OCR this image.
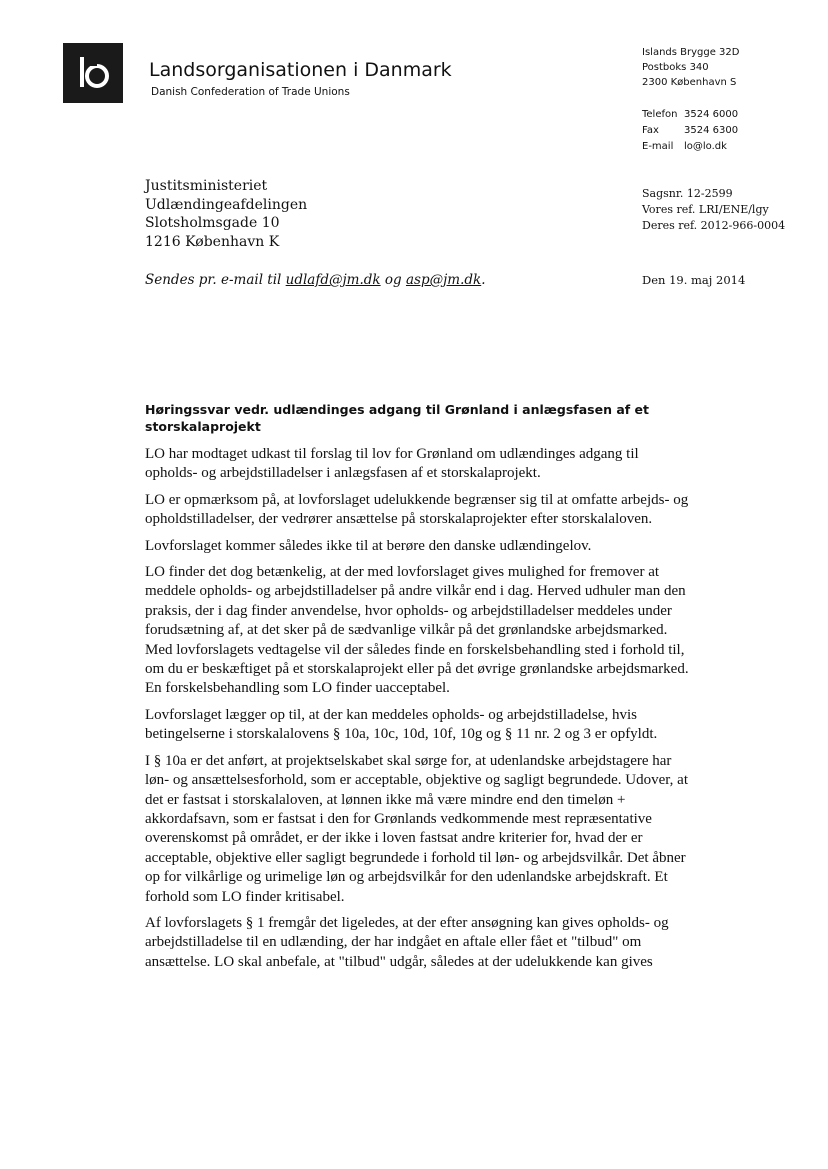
Landsorganisationen i Danmark
Danish Confederation of Trade Unions
Islands Brygge 32D
Postboks 340
2300 København S
Telefon 3524 6000
Fax	3524 6300
E-mail	lo@lo.dk
Justitsministeriet
Udlændingeafdelingen
Slotsholmsgade 10
1216 København K
Sagsnr. 12-2599
Vores ref. LRI/ENE/lgy
Deres ref. 2012-966-0004
Sendes pr. e-mail til udlafd@jm.dk og asp@jm.dk.	Den 19. maj 2014
Høringssvar vedr. udlændinges adgang til Grønland i anlægsfasen af et storskalaprojekt

LO har modtaget udkast til forslag til lov for Grønland om udlændinges adgang til opholds- og arbejdstilladelser i anlægsfasen af et storskalaprojekt.

LO er opmærksom på, at lovforslaget udelukkende begrænser sig til at omfatte arbejds- og opholdstilladelser, der vedrører ansættelse på storskalaprojekter efter storskalaloven.

Lovforslaget kommer således ikke til at berøre den danske udlændingelov.

LO finder det dog betænkelig, at der med lovforslaget gives mulighed for fremover at meddele opholds- og arbejdstilladelser på andre vilkår end i dag. Herved udhuler man den praksis, der i dag finder anvendelse, hvor opholds- og arbejdstilladelser meddeles under forudsætning af, at det sker på de sædvanlige vilkår på det grønlandske arbejdsmarked. Med lovforslagets vedtagelse vil der således finde en forskelsbehandling sted i forhold til, om du er beskæftiget på et storskalaprojekt eller på det øvrige grønlandske arbejdsmarked. En forskelsbehandling som LO finder uacceptabel.

Lovforslaget lægger op til, at der kan meddeles opholds- og arbejdstilladelse, hvis betingelserne i storskalalovens § 10a, 10c, 10d, 10f, 10g og § 11 nr. 2 og 3 er opfyldt.

I § 10a er det anført, at projektselskabet skal sørge for, at udenlandske arbejdstagere har løn- og ansættelsesforhold, som er acceptable, objektive og sagligt begrundede. Udover, at det er fastsat i storskalaloven, at lønnen ikke må være mindre end den timeløn + akkordafsavn, som er fastsat i den for Grønlands vedkommende mest repræsentative overenskomst på området, er der ikke i loven fastsat andre kriterier for, hvad der er acceptable, objektive eller sagligt begrundede i forhold til løn- og arbejdsvilkår. Det åbner op for vilkårlige og urimelige løn og arbejdsvilkår for den udenlandske arbejdskraft. Et forhold som LO finder kritisabel.

Af lovforslagets § 1 fremgår det ligeledes, at der efter ansøgning kan gives opholds- og arbejdstilladelse til en udlænding, der har indgået en aftale eller fået et "tilbud" om ansættelse. LO skal anbefale, at "tilbud" udgår, således at der udelukkende kan gives
